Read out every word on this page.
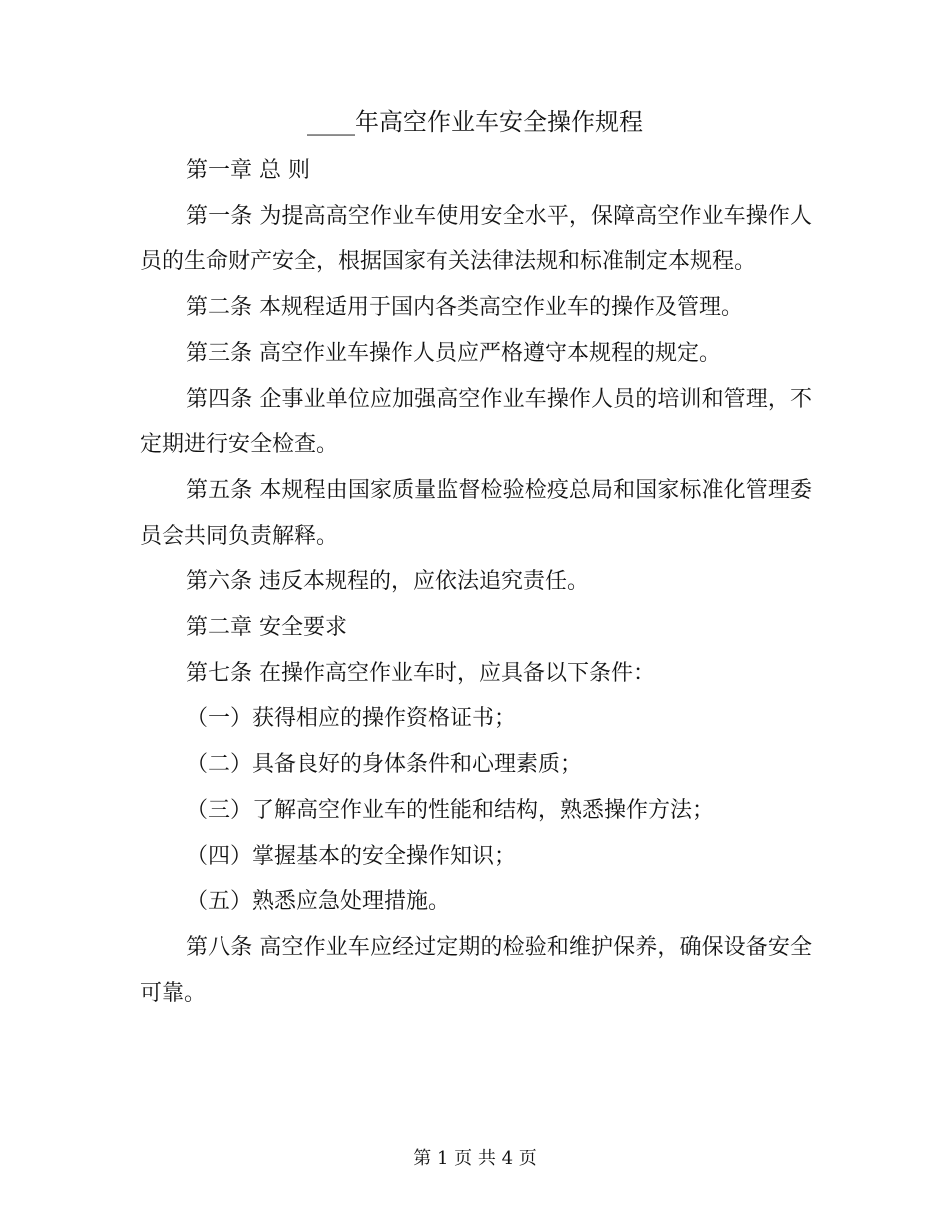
____年高空作业车安全操作规程

第一章 总 则

第一条 为提高高空作业车使用安全水平，保障高空作业车操作人员的生命财产安全，根据国家有关法律法规和标准制定本规程。

第二条 本规程适用于国内各类高空作业车的操作及管理。

第三条 高空作业车操作人员应严格遵守本规程的规定。

第四条 企事业单位应加强高空作业车操作人员的培训和管理，不定期进行安全检查。

第五条 本规程由国家质量监督检验检疫总局和国家标准化管理委员会共同负责解释。

第六条 违反本规程的，应依法追究责任。

第二章 安全要求

第七条 在操作高空作业车时，应具备以下条件：

（一）获得相应的操作资格证书；

（二）具备良好的身体条件和心理素质；

（三）了解高空作业车的性能和结构，熟悉操作方法；

（四）掌握基本的安全操作知识；

（五）熟悉应急处理措施。

第八条 高空作业车应经过定期的检验和维护保养，确保设备安全可靠。

第 1 页 共 4 页
